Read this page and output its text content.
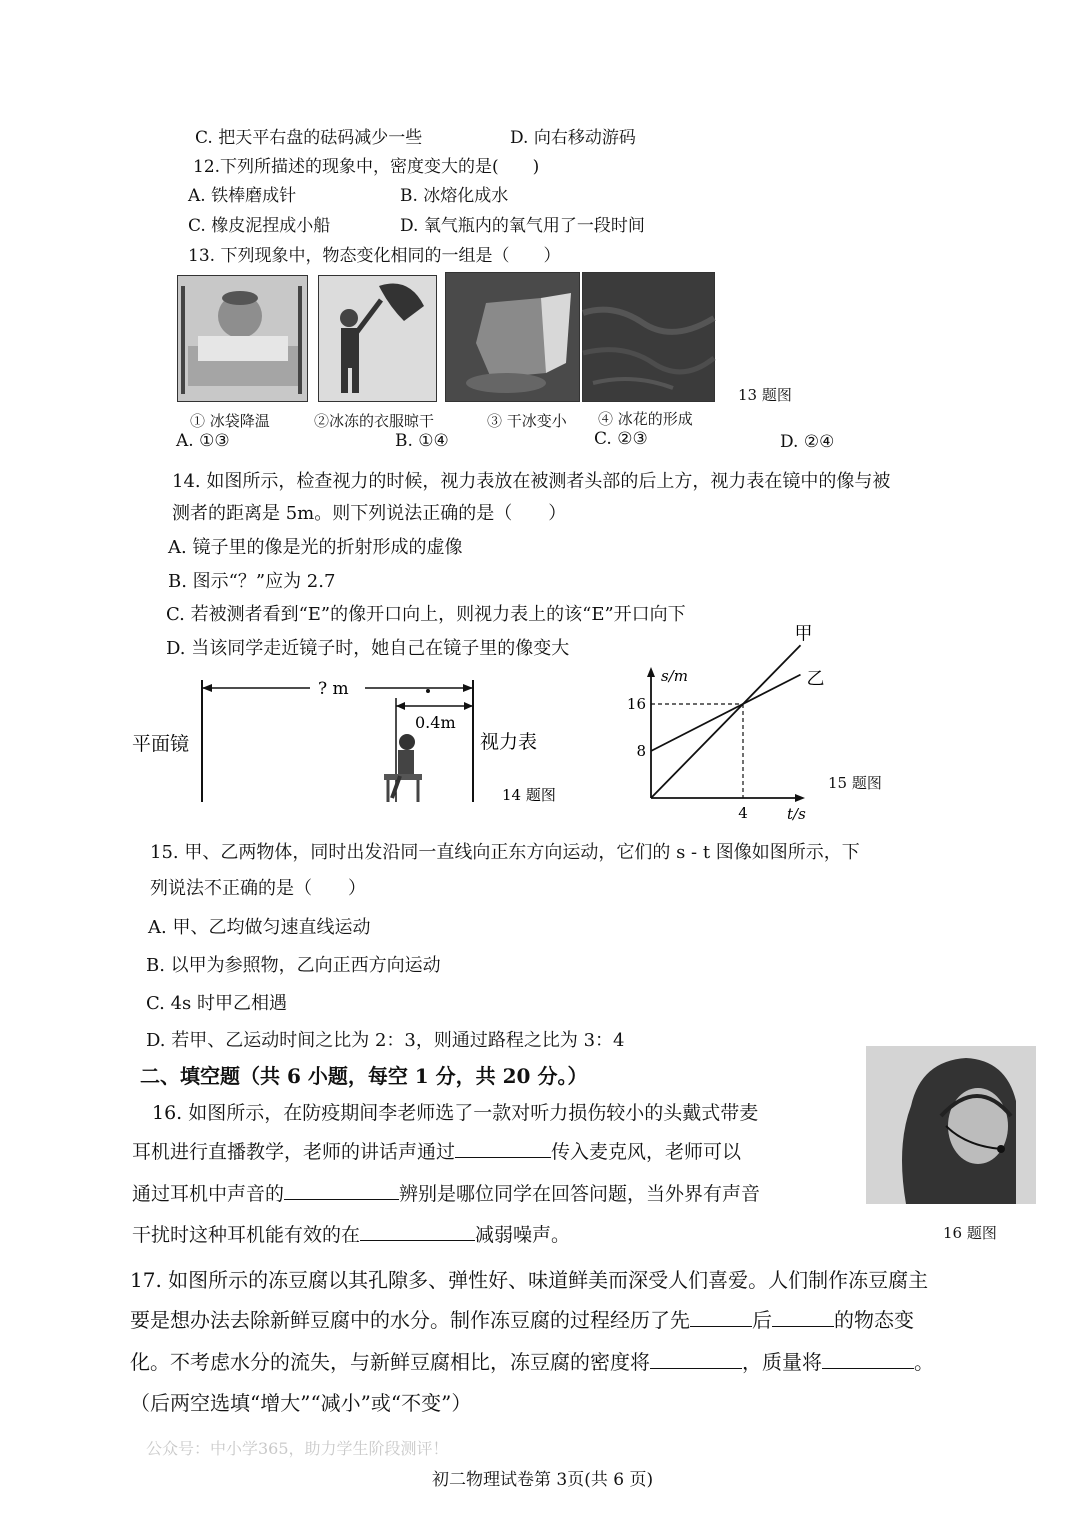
C. 把天平右盘的砝码减少一些	D. 向右移动游码
12.下列所描述的现象中，密度变大的是(　　)
A. 铁棒磨成针	B. 冰熔化成水
C. 橡皮泥捏成小船	D. 氧气瓶内的氧气用了一段时间
13. 下列现象中，物态变化相同的一组是（　　）
13 题图
① 冰袋降温	②冰冻的衣服晾干	③ 干冰变小 ④ 冰花的形成
A. ①③	B. ①④	C. ②③	D. ②④
14. 如图所示，检查视力的时候，视力表放在被测者头部的后上方，视力表在镜中的像与被
测者的距离是 5m。则下列说法正确的是（　　）
A. 镜子里的像是光的折射形成的虚像
B. 图示“？”应为 2.7
C. 若被测者看到“E”的像开口向上，则视力表上的该“E”开口向下
D. 当该同学走近镜子时，她自己在镜子里的像变大
? m
0.4m
平面镜	视力表
14 题图
s/m
t/s
16
8
4
甲
乙
15 题图
15. 甲、乙两物体，同时出发沿同一直线向正东方向运动，它们的 s - t 图像如图所示，下
列说法不正确的是（　　）
A. 甲、乙均做匀速直线运动
B. 以甲为参照物，乙向正西方向运动
C. 4s 时甲乙相遇
D. 若甲、乙运动时间之比为 2：3，则通过路程之比为 3：4
二、填空题（共 6 小题，每空 1 分，共 20 分。）
16 题图
16. 如图所示，在防疫期间李老师选了一款对听力损伤较小的头戴式带麦
耳机进行直播教学，老师的讲话声通过	传入麦克风，老师可以
通过耳机中声音的	辨别是哪位同学在回答问题，当外界有声音
干扰时这种耳机能有效的在	减弱噪声。
17. 如图所示的冻豆腐以其孔隙多、弹性好、味道鲜美而深受人们喜爱。人们制作冻豆腐主
要是想办法去除新鲜豆腐中的水分。制作冻豆腐的过程经历了先	后	的物态变
化。不考虑水分的流失，与新鲜豆腐相比，冻豆腐的密度将	，质量将	。
（后两空选填“增大”“减小”或“不变”）
公众号：中小学365，助力学生阶段测评！
初二物理试卷第 3页(共 6 页)
